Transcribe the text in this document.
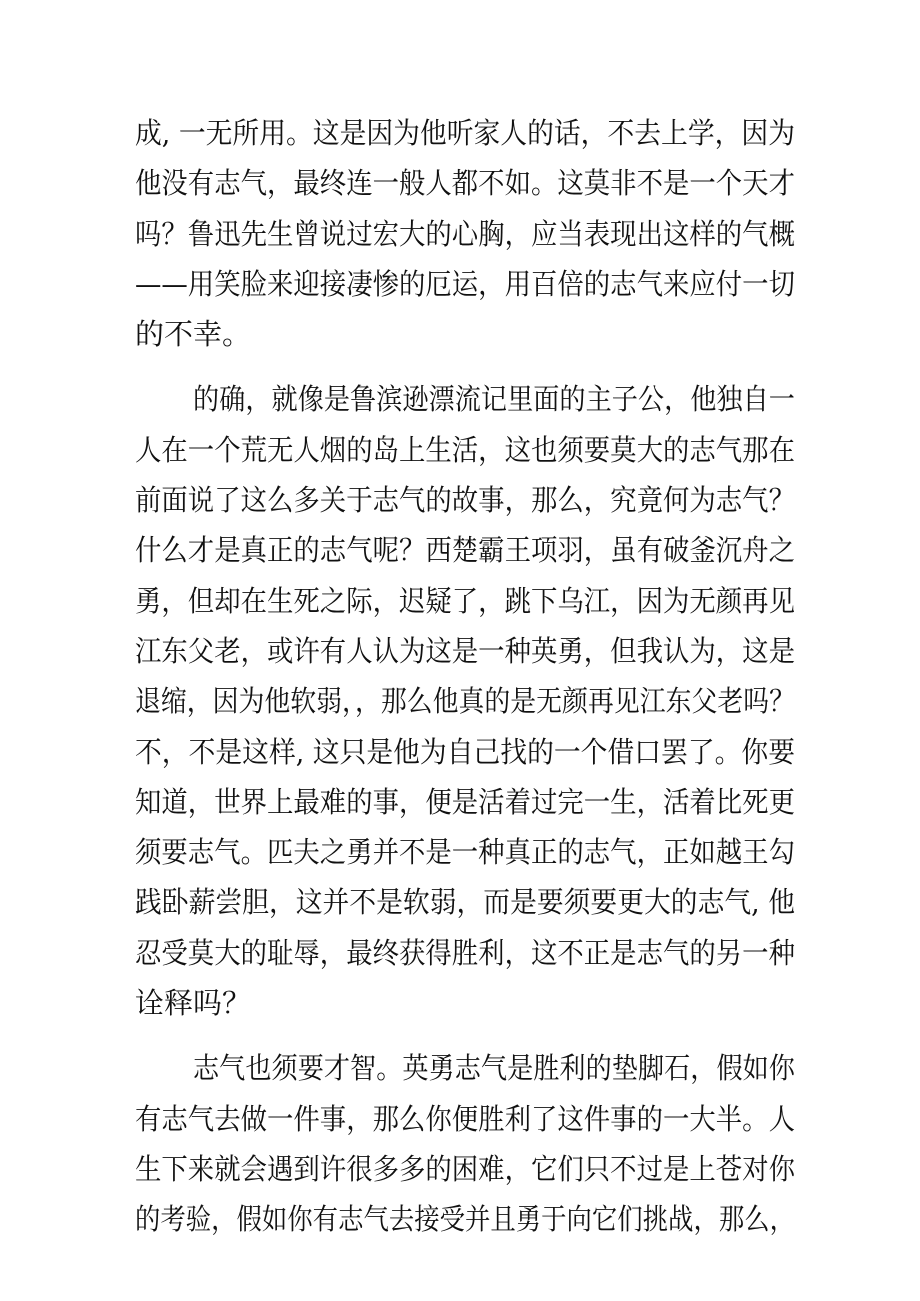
成, 一无所用。这是因为他听家人的话，不去上学，因为
他没有志气，最终连一般人都不如。这莫非不是一个天才
吗？鲁迅先生曾说过宏大的心胸，应当表现出这样的气概
——用笑脸来迎接凄惨的厄运，用百倍的志气来应付一切
的不幸。
的确，就像是鲁滨逊漂流记里面的主子公，他独自一
人在一个荒无人烟的岛上生活，这也须要莫大的志气那在
前面说了这么多关于志气的故事，那么，究竟何为志气？
什么才是真正的志气呢？西楚霸王项羽，虽有破釜沉舟之
勇，但却在生死之际，迟疑了，跳下乌江，因为无颜再见
江东父老，或许有人认为这是一种英勇，但我认为，这是
退缩，因为他软弱，，那么他真的是无颜再见江东父老吗？
不，不是这样, 这只是他为自己找的一个借口罢了。你要
知道，世界上最难的事，便是活着过完一生，活着比死更
须要志气。匹夫之勇并不是一种真正的志气，正如越王勾
践卧薪尝胆，这并不是软弱，而是要须要更大的志气, 他
忍受莫大的耻辱，最终获得胜利，这不正是志气的另一种
诠释吗？
志气也须要才智。英勇志气是胜利的垫脚石，假如你
有志气去做一件事，那么你便胜利了这件事的一大半。人
生下来就会遇到许很多多的困难，它们只不过是上苍对你
的考验，假如你有志气去接受并且勇于向它们挑战，那么，
